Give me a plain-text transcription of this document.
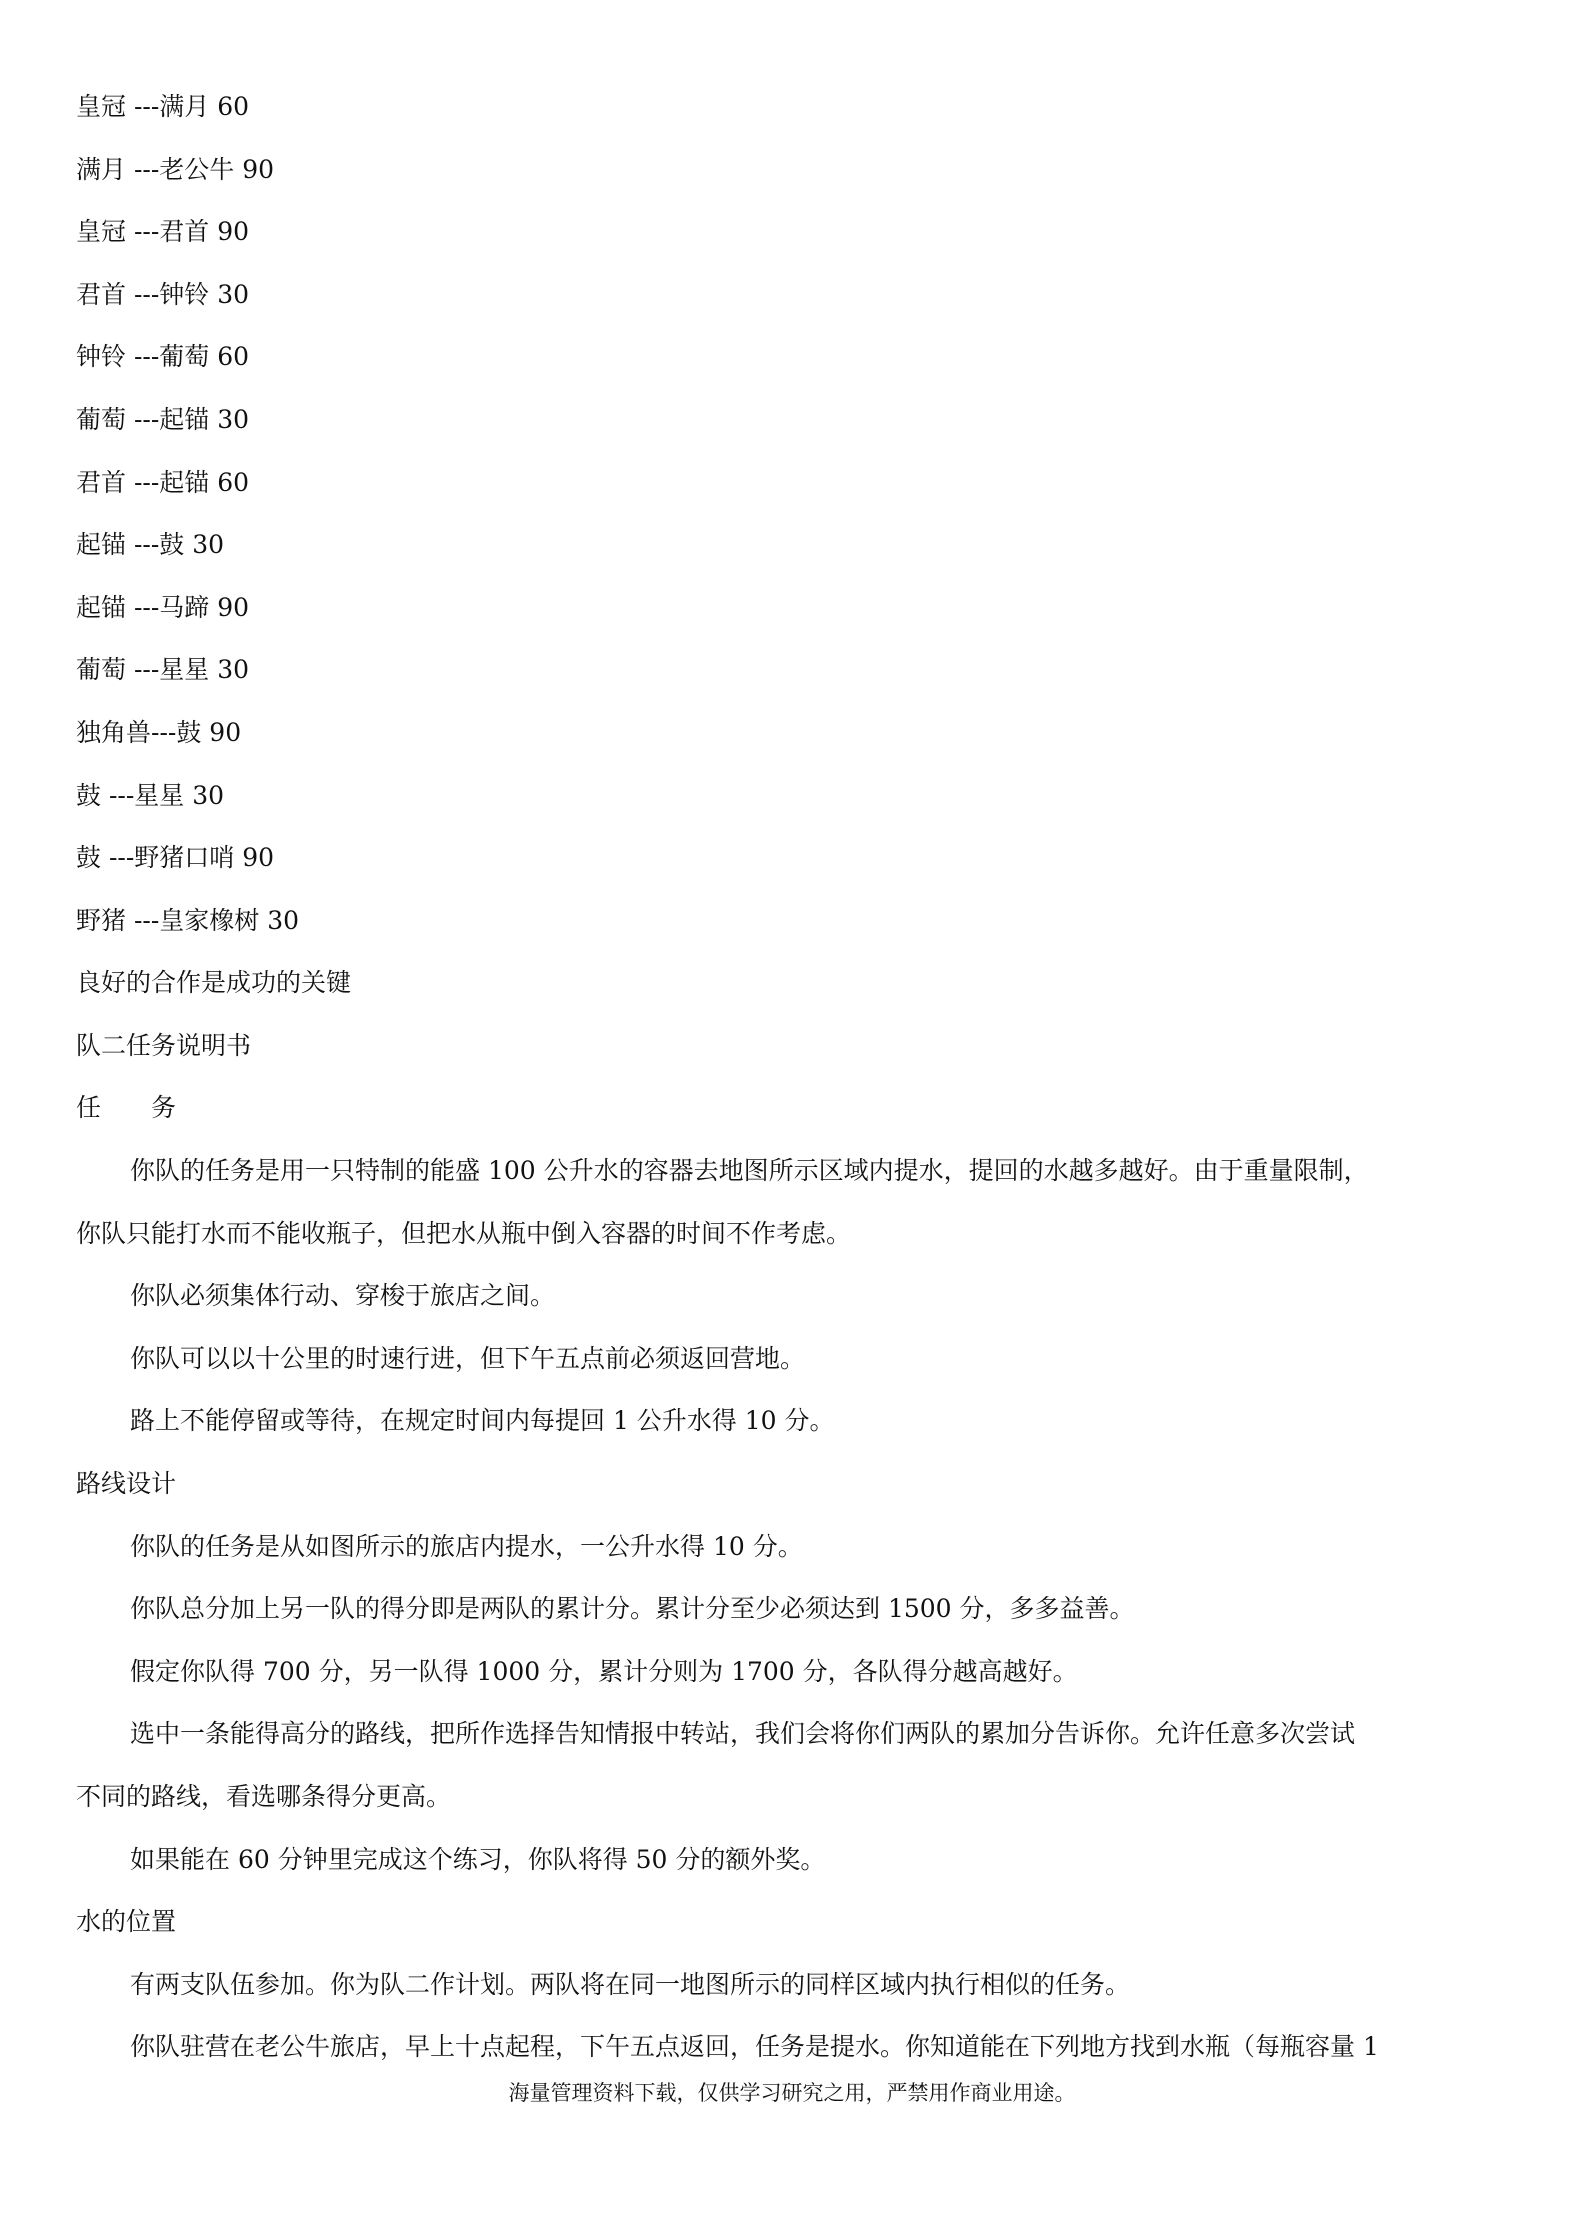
皇冠 ---满月 60
满月 ---老公牛 90
皇冠 ---君首 90
君首 ---钟铃 30
钟铃 ---葡萄 60
葡萄 ---起锚 30
君首 ---起锚 60
起锚 ---鼓 30
起锚 ---马蹄 90
葡萄 ---星星 30
独角兽---鼓 90
鼓 ---星星 30
鼓 ---野猪口哨 90
野猪 ---皇家橡树 30
良好的合作是成功的关键
队二任务说明书
任　　务
你队的任务是用一只特制的能盛 100 公升水的容器去地图所示区域内提水，提回的水越多越好。由于重量限制，
你队只能打水而不能收瓶子，但把水从瓶中倒入容器的时间不作考虑。
你队必须集体行动、穿梭于旅店之间。
你队可以以十公里的时速行进，但下午五点前必须返回营地。
路上不能停留或等待，在规定时间内每提回 1 公升水得 10 分。
路线设计
你队的任务是从如图所示的旅店内提水，一公升水得 10 分。
你队总分加上另一队的得分即是两队的累计分。累计分至少必须达到 1500 分，多多益善。
假定你队得 700 分，另一队得 1000 分，累计分则为 1700 分，各队得分越高越好。
选中一条能得高分的路线，把所作选择告知情报中转站，我们会将你们两队的累加分告诉你。允许任意多次尝试
不同的路线，看选哪条得分更高。
如果能在 60 分钟里完成这个练习，你队将得 50 分的额外奖。
水的位置
有两支队伍参加。你为队二作计划。两队将在同一地图所示的同样区域内执行相似的任务。
你队驻营在老公牛旅店，早上十点起程，下午五点返回，任务是提水。你知道能在下列地方找到水瓶（每瓶容量 1
海量管理资料下载，仅供学习研究之用，严禁用作商业用途。
